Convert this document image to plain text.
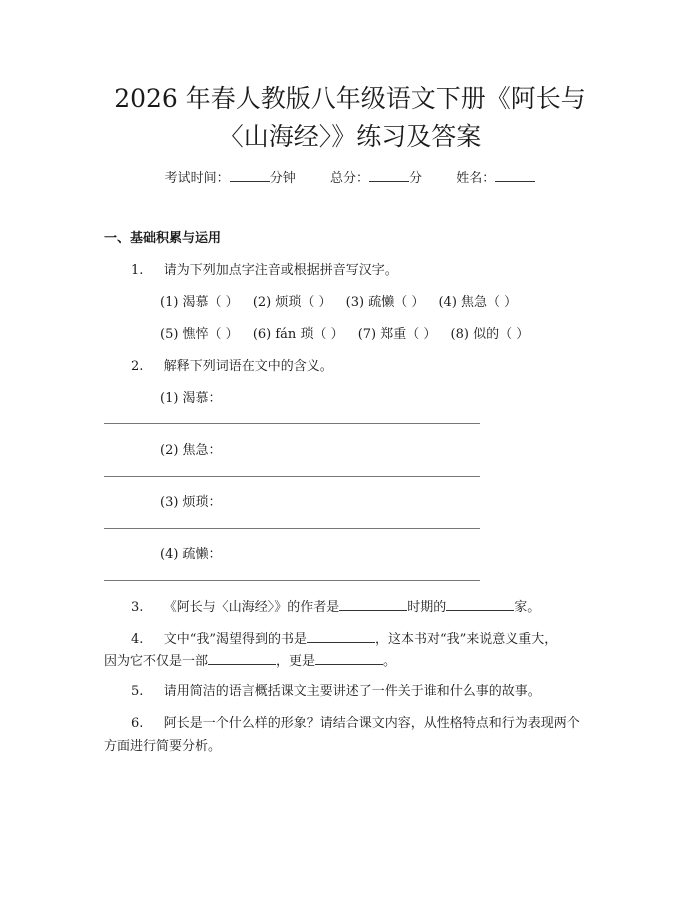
2026 年春人教版八年级语文下册《阿长与
〈山海经〉》练习及答案
考试时间：	分钟	总分：	分	姓名：
一、基础积累与运用
1. 请为下列加点字注音或根据拼音写汉字。
(1) 渴慕（ ） (2) 烦琐（ ） (3) 疏懒（ ） (4) 焦急（ ）
(5) 憔悴（ ） (6) fán 琐（ ） (7) 郑重（ ） (8) 似的（ ）
2. 解释下列词语在文中的含义。
(1) 渴慕：
(2) 焦急：
(3) 烦琐：
(4) 疏懒：
3. 《阿长与〈山海经〉》的作者是	时期的	家。
4. 文中“我”渴望得到的书是	，这本书对“我”来说意义重大，
因为它不仅是一部	，更是	。
5. 请用简洁的语言概括课文主要讲述了一件关于谁和什么事的故事。
6. 阿长是一个什么样的形象？请结合课文内容，从性格特点和行为表现两个
方面进行简要分析。
